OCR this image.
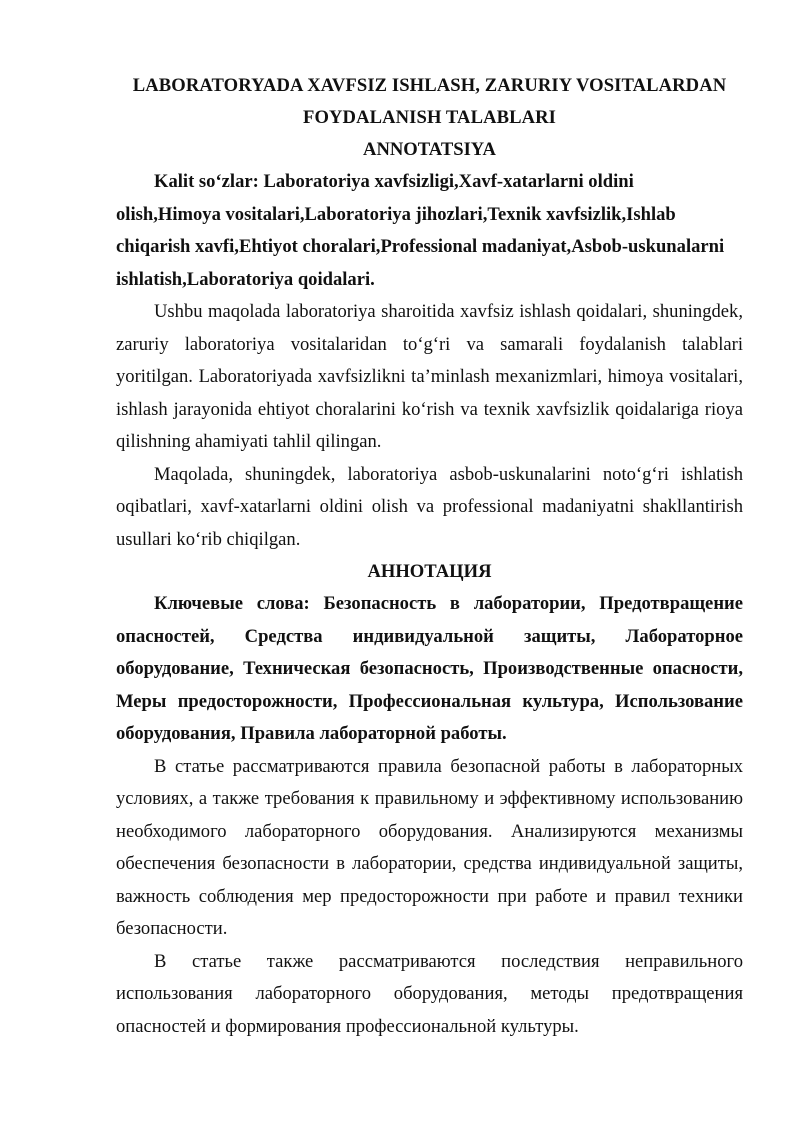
LABORATORYADA XAVFSIZ ISHLASH, ZARURIY VOSITALARDAN
FOYDALANISH TALABLARI
ANNOTATSIYA
Kalit so‘zlar: Laboratoriya xavfsizligi,Xavf-xatarlarni oldini
olish,Himoya vositalari,Laboratoriya jihozlari,Texnik xavfsizlik,Ishlab
chiqarish xavfi,Ehtiyot choralari,Professional madaniyat,Asbob-uskunalarni
ishlatish,Laboratoriya qoidalari.

Ushbu maqolada laboratoriya sharoitida xavfsiz ishlash qoidalari, shuningdek, zaruriy laboratoriya vositalaridan to‘g‘ri va samarali foydalanish talablari yoritilgan. Laboratoriyada xavfsizlikni ta’minlash mexanizmlari, himoya vositalari, ishlash jarayonida ehtiyot choralarini ko‘rish va texnik xavfsizlik qoidalariga rioya qilishning ahamiyati tahlil qilingan.

Maqolada, shuningdek, laboratoriya asbob-uskunalarini noto‘g‘ri ishlatish oqibatlari, xavf-xatarlarni oldini olish va professional madaniyatni shakllantirish usullari ko‘rib chiqilgan.

АННОТАЦИЯ

Ключевые слова: Безопасность в лаборатории, Предотвращение опасностей, Средства индивидуальной защиты, Лабораторное оборудование, Техническая безопасность, Производственные опасности, Меры предосторожности, Профессиональная культура, Использование оборудования, Правила лабораторной работы.

В статье рассматриваются правила безопасной работы в лабораторных условиях, а также требования к правильному и эффективному использованию необходимого лабораторного оборудования. Анализируются механизмы обеспечения безопасности в лаборатории, средства индивидуальной защиты, важность соблюдения мер предосторожности при работе и правил техники безопасности.

В статье также рассматриваются последствия неправильного использования лабораторного оборудования, методы предотвращения опасностей и формирования профессиональной культуры.
